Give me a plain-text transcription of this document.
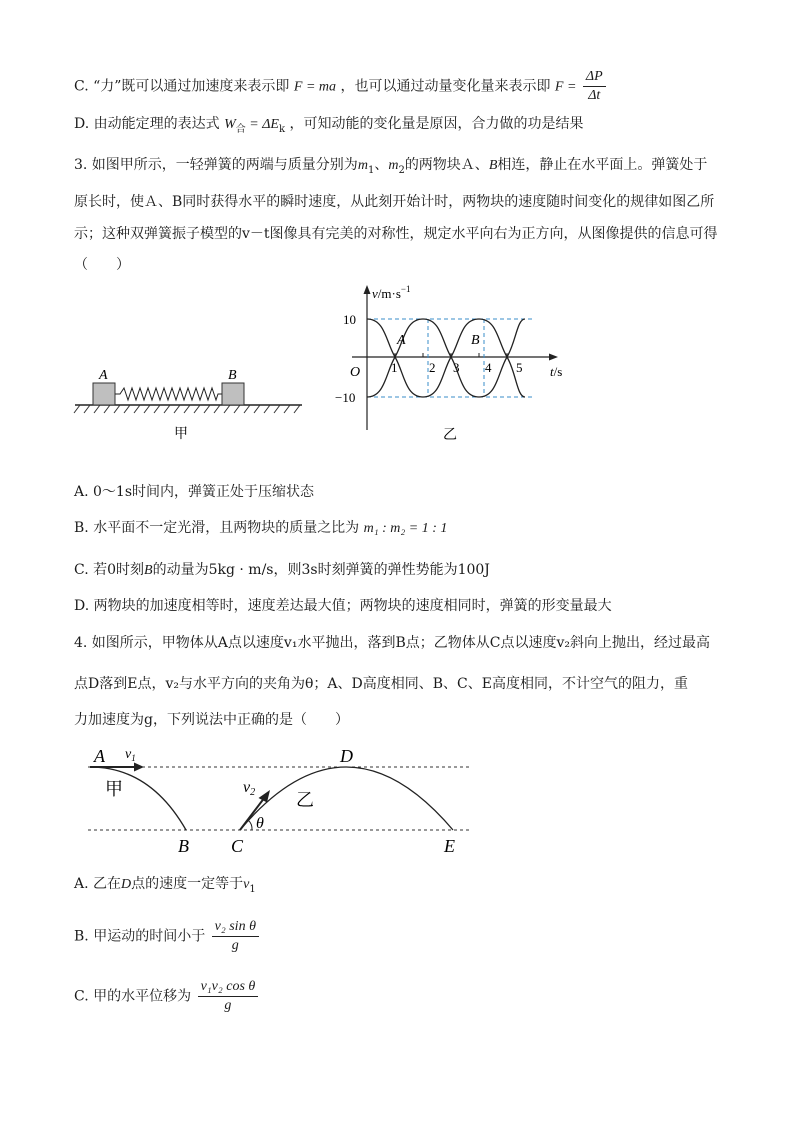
C. “力”既可以通过加速度来表示即 F = ma ，也可以通过动量变化量来表示即 $F = \frac{\Delta P}{\Delta t}$
D. 由动能定理的表达式 $W_合 = \Delta E_k$ ，可知动能的变化量是原因，合力做的功是结果
3. 如图甲所示，一轻弹簧的两端与质量分别为$m_1$、$m_2$的两物块Ａ、B相连，静止在水平面上。弹簧处于
原长时，使Ａ、B同时获得水平的瞬时速度，从此刻开始计时，两物块的速度随时间变化的规律如图乙所
示；这种双弹簧振子模型的v－t图像具有完美的对称性，规定水平向右为正方向，从图像提供的信息可得
（　　）
A	B
甲
$v/m\cdot s^{-1}$
t/s
O
10
−10
1 2 3 4 5
A	B
乙
A. 0～1s时间内，弹簧正处于压缩状态
B. 水平面不一定光滑，且两物块的质量之比为 m₁ : m₂ = 1 : 1
C. 若0时刻B的动量为5kg · m/s，则3s时刻弹簧的弹性势能为100J
D. 两物块的加速度相等时，速度差达最大值；两物块的速度相同时，弹簧的形变量最大
4. 如图所示，甲物体从A点以速度v₁水平抛出，落到B点；乙物体从C点以速度v₂斜向上抛出，经过最高
点D落到E点，v₂与水平方向的夹角为θ；A、D高度相同、B、C、E高度相同，不计空气的阻力，重
力加速度为g，下列说法中正确的是（　　）
A $v_1$
甲
B
v2 乙
θ
C
D
E
A. 乙在D点的速度一定等于$v_1$
B. 甲运动的时间小于 $\frac{\text{v₂ sin θ}}{g}$
C. 甲的水平位移为 $\frac{\text{v₁v₂ cos θ}}{g}$
